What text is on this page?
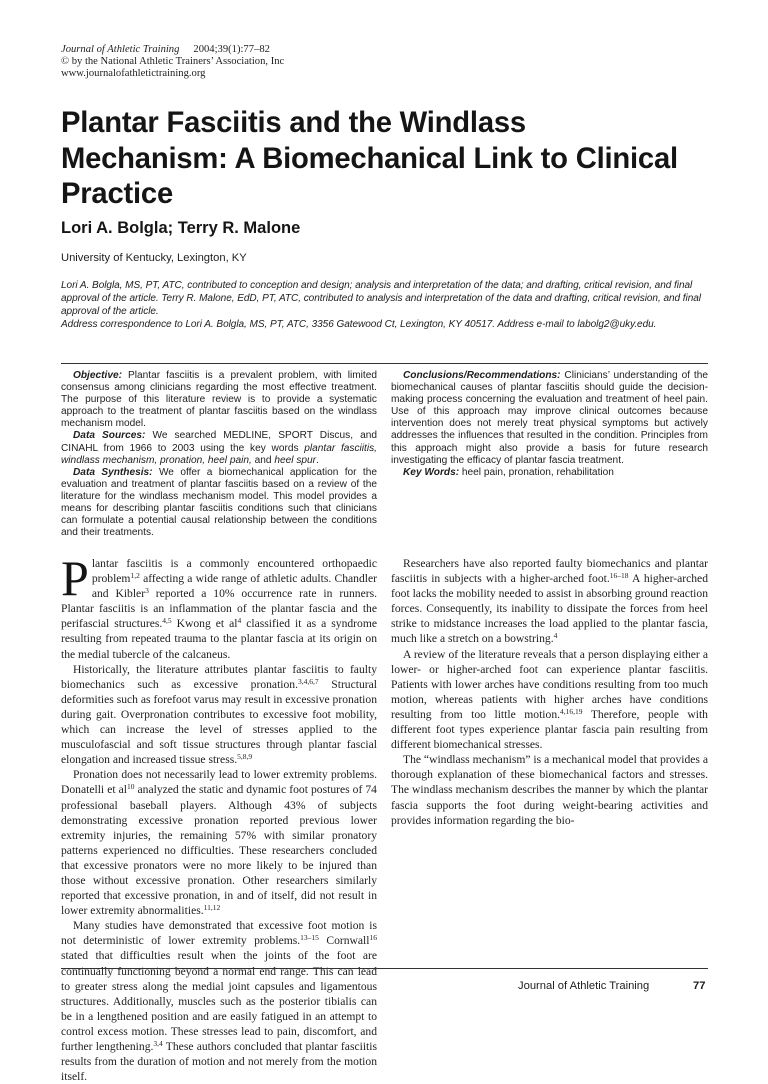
Journal of Athletic Training 2004;39(1):77–82
© by the National Athletic Trainers’ Association, Inc
www.journalofathletictraining.org
Plantar Fasciitis and the Windlass Mechanism: A Biomechanical Link to Clinical Practice
Lori A. Bolgla; Terry R. Malone
University of Kentucky, Lexington, KY
Lori A. Bolgla, MS, PT, ATC, contributed to conception and design; analysis and interpretation of the data; and drafting, critical revision, and final approval of the article. Terry R. Malone, EdD, PT, ATC, contributed to analysis and interpretation of the data and drafting, critical revision, and final approval of the article.
Address correspondence to Lori A. Bolgla, MS, PT, ATC, 3356 Gatewood Ct, Lexington, KY 40517. Address e-mail to labolg2@uky.edu.

Objective: Plantar fasciitis is a prevalent problem, with limited consensus among clinicians regarding the most effective treatment. The purpose of this literature review is to provide a systematic approach to the treatment of plantar fasciitis based on the windlass mechanism model.

Data Sources: We searched MEDLINE, SPORT Discus, and CINAHL from 1966 to 2003 using the key words plantar fasciitis, windlass mechanism, pronation, heel pain, and heel spur.

Data Synthesis: We offer a biomechanical application for the evaluation and treatment of plantar fasciitis based on a review of the literature for the windlass mechanism model. This model provides a means for describing plantar fasciitis conditions such that clinicians can formulate a potential causal relationship between the conditions and their treatments.

Conclusions/Recommendations: Clinicians’ understanding of the biomechanical causes of plantar fasciitis should guide the decision-making process concerning the evaluation and treatment of heel pain. Use of this approach may improve clinical outcomes because intervention does not merely treat physical symptoms but actively addresses the influences that resulted in the condition. Principles from this approach might also provide a basis for future research investigating the efficacy of plantar fascia treatment.

Key Words: heel pain, pronation, rehabilitation

Plantar fasciitis is a commonly encountered orthopaedic problem$^{1,2}$ affecting a wide range of athletic adults. Chandler and Kibler$^3$ reported a 10% occurrence rate in runners. Plantar fasciitis is an inflammation of the plantar fascia and the perifascial structures.$^{4,5}$ Kwong et $al^4$ classified it as a syndrome resulting from repeated trauma to the plantar fascia at its origin on the medial tubercle of the calcaneus.

Historically, the literature attributes plantar fasciitis to faulty biomechanics such as excessive pronation.$^{3,4,6,7}$ Structural deformities such as forefoot varus may result in excessive pronation during gait. Overpronation contributes to excessive foot mobility, which can increase the level of stresses applied to the musculofascial and soft tissue structures through plantar fascial elongation and increased tissue stress.$^{5,8,9}$

Pronation does not necessarily lead to lower extremity problems. Donatelli et $al^{10}$ analyzed the static and dynamic foot postures of 74 professional baseball players. Although 43% of subjects demonstrating excessive pronation reported previous lower extremity injuries, the remaining 57% with similar pronatory patterns experienced no difficulties. These researchers concluded that excessive pronators were no more likely to be injured than those without excessive pronation. Other researchers similarly reported that excessive pronation, in and of itself, did not result in lower extremity abnormalities.$^{11,12}$

Many studies have demonstrated that excessive foot motion is not deterministic of lower extremity problems.$^{13-15}$ Cornwall$^{16}$ stated that difficulties result when the joints of the foot are continually functioning beyond a normal end range. This can lead to greater stress along the medial joint capsules and ligamentous structures. Additionally, muscles such as the posterior tibialis can be in a lengthened position and are easily fatigued in an attempt to control excess motion. These stresses lead to pain, discomfort, and further lengthening.$^{3,4}$ These authors concluded that plantar fasciitis results from the duration of motion and not merely from the motion itself.

Researchers have also reported faulty biomechanics and plantar fasciitis in subjects with a higher-arched foot.$^{16-18}$ A higher-arched foot lacks the mobility needed to assist in absorbing ground reaction forces. Consequently, its inability to dissipate the forces from heel strike to midstance increases the load applied to the plantar fascia, much like a stretch on a bowstring.$^4$

A review of the literature reveals that a person displaying either a lower- or higher-arched foot can experience plantar fasciitis. Patients with lower arches have conditions resulting from too much motion, whereas patients with higher arches have conditions resulting from too little motion.$^{4,16,19}$ Therefore, people with different foot types experience plantar fascia pain resulting from different biomechanical stresses.

The “windlass mechanism” is a mechanical model that provides a thorough explanation of these biomechanical factors and stresses. The windlass mechanism describes the manner by which the plantar fascia supports the foot during weight-bearing activities and provides information regarding the bio-

Journal of Athletic Training	77
